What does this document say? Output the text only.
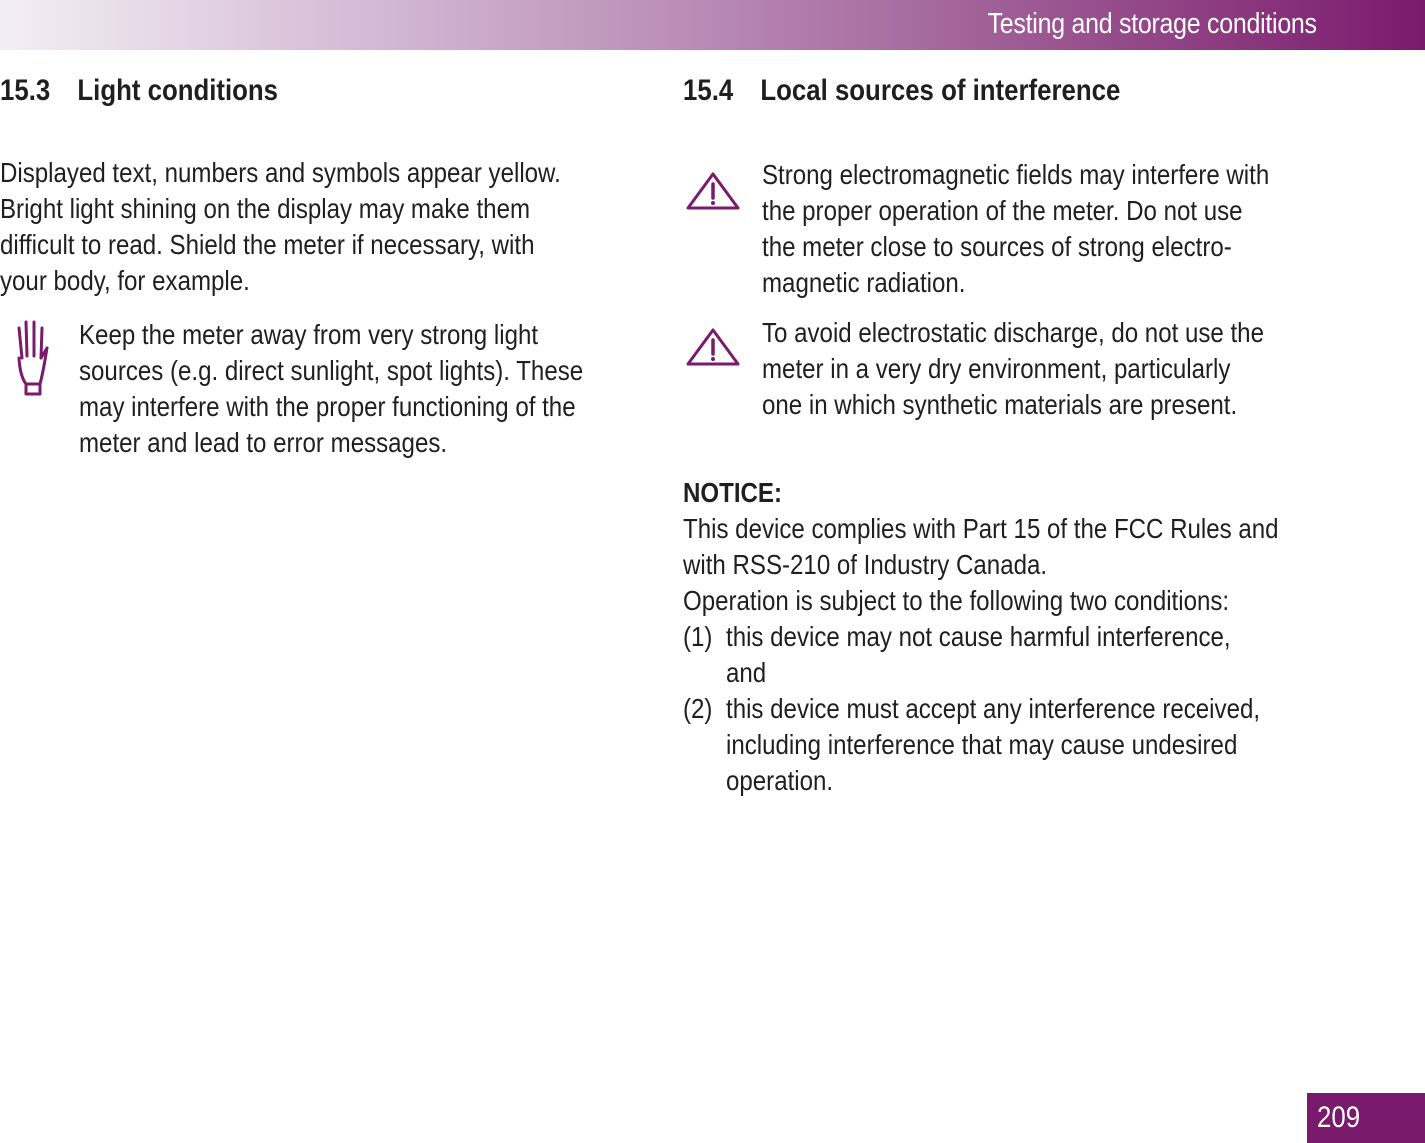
Testing and storage conditions
15.3 Light conditions
Displayed text, numbers and symbols appear yellow.
Bright light shining on the display may make them
difficult to read. Shield the meter if necessary, with
your body, for example.
Keep the meter away from very strong light
sources (e.g. direct sunlight, spot lights). These
may interfere with the proper functioning of the
meter and lead to error messages.
15.4 Local sources of interference
Strong electromagnetic fields may interfere with
the proper operation of the meter. Do not use
the meter close to sources of strong electro-
magnetic radiation.
To avoid electrostatic discharge, do not use the
meter in a very dry environment, particularly
one in which synthetic materials are present.
NOTICE:
This device complies with Part 15 of the FCC Rules and
with RSS-210 of Industry Canada.
Operation is subject to the following two conditions:
(1) this device may not cause harmful interference,
and
(2) this device must accept any interference received,
including interference that may cause undesired
operation.
209
